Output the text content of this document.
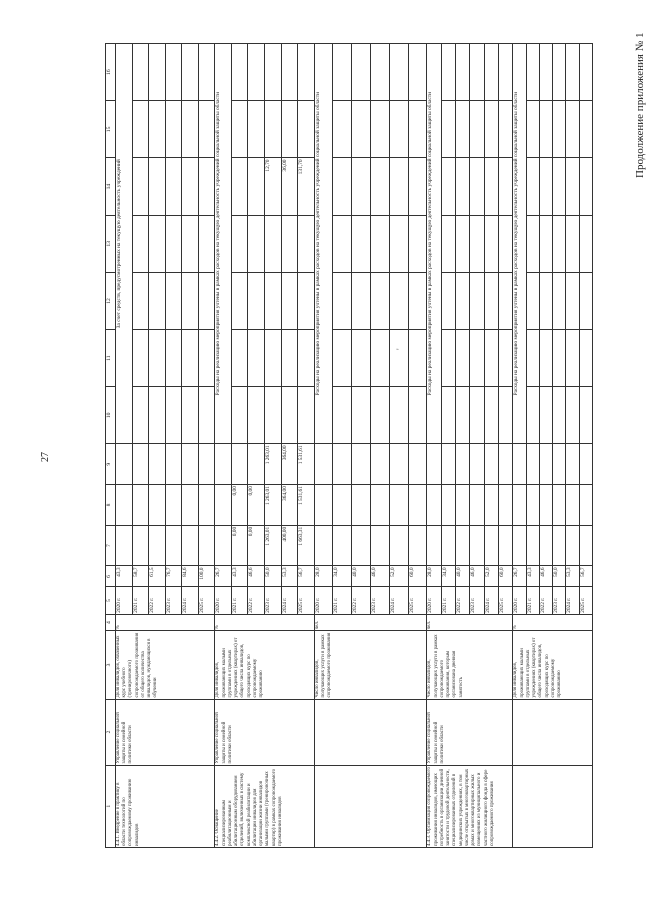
27
Продолжение приложения № 1
'
1	2	3	4	5	6	7	8	9	10	11	12	13	14	15	16
4.4.1. Внедрение в практику в области технологий по сопровождаемому проживанию инвалидов	Управление социальной защиты и семейной политики области	Доля инвалидов, охваченных курс учебного (тренировочного) сопровождаемого проживания от общего количества инвалидов, нуждающихся в обучении	%	2020 г.	43,3				За счет средств, предусмотренных на текущую деятельность учреждений						
				2021 г.	58,7										
				2022 г.	61,5										
				2023 г.	76,7										
				2024 г.	84,6										
				2025 г.	100,0										
4.4.2. Оснащение специализированным реабилитационным и абилитационным оборудованием отделений, включенных в систему комплексной реабилитации и абилитации инвалидов для организации жизни инвалидов малыми группами (тренировочных квартир) в рамках сопровождаемого проживания инвалидов	Управление социальной защиты и семейной политики области	Доля инвалидов, проживающих малыми группами в отдельных учреждениях (квартирах) от общего числа инвалидов, проходящих курс по сопровождаемому проживанию	%	2020 г.	26,7				Расходы на реализацию мероприятия учтены в рамках расходов на текущую деятельность учреждений социальной защиты области						
				2021 г.	43,3	0,00	0,00								
				2022 г.	46,6	0,00	0,00								
				2023 г.	50,0	1 263,01	1 263,01	1 263,01					12,70		
				2024 г.	53,3	400,00	364,00	364,00					36,00		
				2025 г.	56,7	1 663,31	1 531,61	1 531,61					131,70		
		Число инвалидов, получающих услуги в рамках сопровождаемого проживания	чел.	2020 г.	28,0				Расходы на реализацию мероприятия учтены в рамках расходов на текущую деятельность учреждений социальной защиты области						
				2021 г.	34,0										
				2022 г.	40,0										
				2023 г.	46,0										
				2024 г.	52,0										
				2025 г.	60,0										
4.4.3. Организация сопровождаемого проживания инвалидов, имеющих потребность в организации дневной занятости и трудовой деятельности, специализированных отделений в медицинских учреждениях, в том числе открытых в многоквартирных домах и многоквартирных жилых помещениях из муниципального и частного жилищного фонда в сфере сопровождаемого проживания	Управление социальной защиты и семейной политики области	Число инвалидов, получающих услуги в рамках сопровождаемого проживания, которым организована дневная занятость	чел.	2020 г.	28,0				Расходы на реализацию мероприятия учтены в рамках расходов на текущую деятельность учреждений социальной защиты области						
				2021 г.	34,0										
				2022 г.	40,0										
				2023 г.	46,0										
				2024 г.	52,0										
				2025 г.	60,0										
		Доля инвалидов, проживающих малыми группами в отдельных учреждениях (квартирах) от общего числа инвалидов, проходящих курс по сопровождаемому проживанию	%	2020 г.	26,7				Расходы на реализацию мероприятия учтены в рамках расходов на текущую деятельность учреждений социальной защиты области						
				2021 г.	43,3										
				2022 г.	46,6										
				2023 г.	50,0										
				2024 г.	53,3										
				2025 г.	56,7										
